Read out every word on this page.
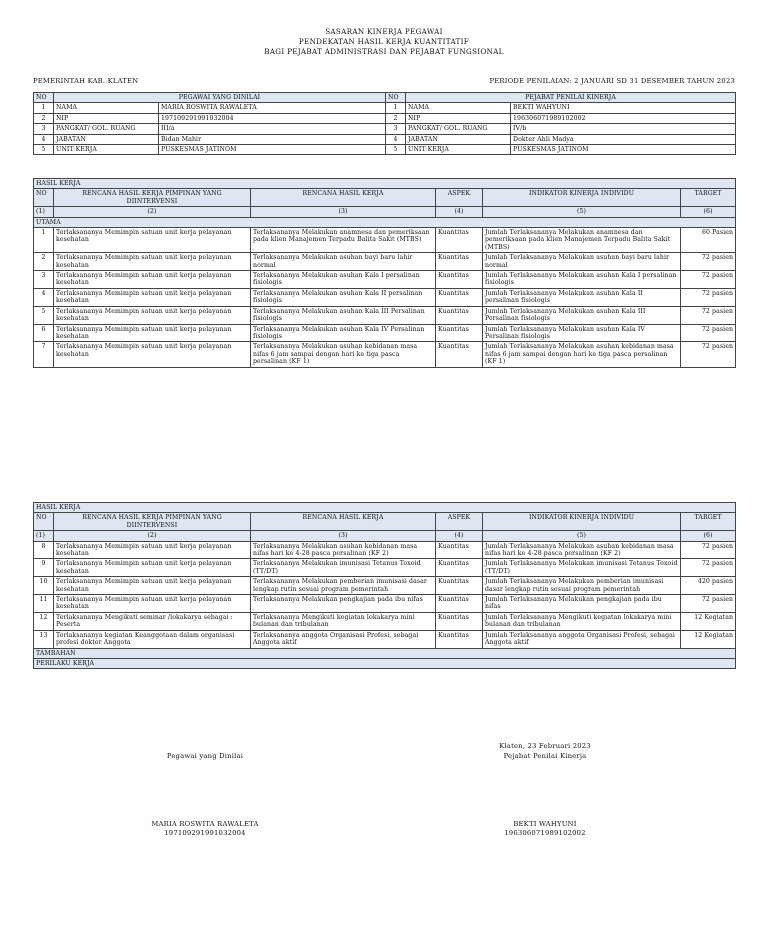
SASARAN KINERJA PEGAWAI
PENDEKATAN HASIL KERJA KUANTITATIF
BAGI PEJABAT ADMINISTRASI DAN PEJABAT FUNGSIONAL
PEMERINTAH KAB. KLATEN	PERIODE PENILAIAN: 2 JANUARI SD 31 DESEMBER TAHUN 2023
NO	PEGAWAI YANG DINILAI		NO	PEJABAT PENILAI KINERJA	
1	NAMA	MARIA ROSWITA RAWALETA	1	NAMA	BEKTI WAHYUNI
2	NIP	197109291991032004	2	NIP	196306071989102002
3	PANGKAT/ GOL. RUANG	III/a	3	PANGKAT/ GOL. RUANG	IV/b
4	JABATAN	Bidan Mahir	4	JABATAN	Dokter Ahli Madya
5	UNIT KERJA	PUSKESMAS JATINOM	5	UNIT KERJA	PUSKESMAS JATINOM
HASIL KERJA					
NO	RENCANA HASIL KERJA PIMPINAN YANG DIINTERVENSI	RENCANA HASIL KERJA	ASPEK	INDIKATOR KINERJA INDIVIDU	TARGET
(1)	(2)	(3)	(4)	(5)	(6)
UTAMA					
1	Terlaksananya Memimpin satuan unit kerja pelayanan kesehatan	Terlaksananya Melakukan anamnesa dan pemeriksaan pada klien Manajemen Terpadu Balita Sakit (MTBS)	Kuantitas	Jumlah Terlaksananya Melakukan anamnesa dan pemeriksaan pada klien Manajemen Terpadu Balita Sakit (MTBS)	60 Pasien
2	Terlaksananya Memimpin satuan unit kerja pelayanan kesehatan	Terlaksananya Melakukan asuhan bayi baru lahir normal	Kuantitas	Jumlah Terlaksananya Melakukan asuhan bayi baru lahir normal	72 pasien
3	Terlaksananya Memimpin satuan unit kerja pelayanan kesehatan	Terlaksananya Melakukan asuhan Kala I persalinan fisiologis	Kuantitas	Jumlah Terlaksananya Melakukan asuhan Kala I persalinan fisiologis	72 pasien
4	Terlaksananya Memimpin satuan unit kerja pelayanan kesehatan	Terlaksananya Melakukan asuhan Kala II persalinan fisiologis	Kuantitas	Jumlah Terlaksananya Melakukan asuhan Kala II persalinan fisiologis	72 pasien
5	Terlaksananya Memimpin satuan unit kerja pelayanan kesehatan	Terlaksananya Melakukan asuhan Kala III Persalinan fisiologis	Kuantitas	Jumlah Terlaksananya Melakukan asuhan Kala III Persalinan fisiologis	72 pasien
6	Terlaksananya Memimpin satuan unit kerja pelayanan kesehatan	Terlaksananya Melakukan asuhan Kala IV Persalinan fisiologis	Kuantitas	Jumlah Terlaksananya Melakukan asuhan Kala IV Persalinan fisiologis	72 pasien
7	Terlaksananya Memimpin satuan unit kerja pelayanan kesehatan	Terlaksananya Melakukan asuhan kebidanan masa nifas 6 jam sampai dengan hari ke tiga pasca persalinan (KF 1)	Kuantitas	Jumlah Terlaksananya Melakukan asuhan kebidanan masa nifas 6 jam sampai dengan hari ke tiga pasca persalinan (KF 1)	72 pasien
HASIL KERJA					
NO	RENCANA HASIL KERJA PIMPINAN YANG DIINTERVENSI	RENCANA HASIL KERJA	ASPEK	INDIKATOR KINERJA INDIVIDU	TARGET
(1)	(2)	(3)	(4)	(5)	(6)
8	Terlaksananya Memimpin satuan unit kerja pelayanan kesehatan	Terlaksananya Melakukan asuhan kebidanan masa nifas hari ke 4-28 pasca persalinan (KF 2)	Kuantitas	Jumlah Terlaksananya Melakukan asuhan kebidanan masa nifas hari ke 4-28 pasca persalinan (KF 2)	72 pasien
9	Terlaksananya Memimpin satuan unit kerja pelayanan kesehatan	Terlaksananya Melakukan imunisasi Tetanus Toxoid (TT/DT)	Kuantitas	Jumlah Terlaksananya Melakukan imunisasi Tetanus Toxoid (TT/DT)	72 pasien
10	Terlaksananya Memimpin satuan unit kerja pelayanan kesehatan	Terlaksananya Melakukan pemberian imunisasi dasar lengkap rutin sesuai program pemerintah	Kuantitas	Jumlah Terlaksananya Melakukan pemberian imunisasi dasar lengkap rutin sesuai program pemerintah	420 pasien
11	Terlaksananya Memimpin satuan unit kerja pelayanan kesehatan	Terlaksananya Melakukan pengkajian pada ibu nifas	Kuantitas	Jumlah Terlaksananya Melakukan pengkajian pada ibu nifas	72 pasien
12	Terlaksananya Mengikuti seminar /lokakarya sebagai : Peserta	Terlaksananya Mengikuti kegiatan lokakarya mini bulanan dan tribulanan	Kuantitas	Jumlah Terlaksananya Mengikuti kegiatan lokakarya mini bulanan dan tribulanan	12 Kegiatan
13	Terlaksananya kegiatan Keanggotaan dalam organisasi profesi dokter Anggota	Terlaksananya anggota Organisasi Profesi, sebagai Anggota aktif	Kuantitas	Jumlah Terlaksananya anggota Organisasi Profesi, sebagai Anggota aktif	12 Kegiatan
TAMBAHAN					
PERILAKU KERJA					
Pegawai yang Dinilai
Klaten, 23 Februari 2023
Pejabat Penilai Kinerja
MARIA ROSWITA RAWALETA
197109291991032004
BEKTI WAHYUNI
196306071989102002
